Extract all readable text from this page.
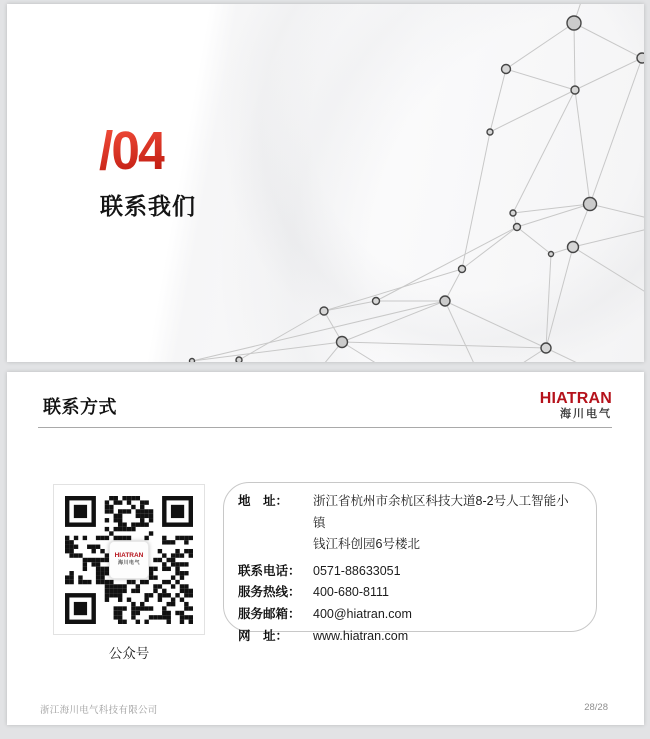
/04
联系我们
联系方式	HIATRAN
海川电气
HIATRAN
海川电气
公众号
地　址：	浙江省杭州市余杭区科技大道8-2号人工智能小镇
钱江科创园6号楼北
联系电话： 0571-88633051
服务热线： 400-680-8111
服务邮箱： 400@hiatran.com
网　址：	www.hiatran.com
浙江海川电气科技有限公司	28/28
